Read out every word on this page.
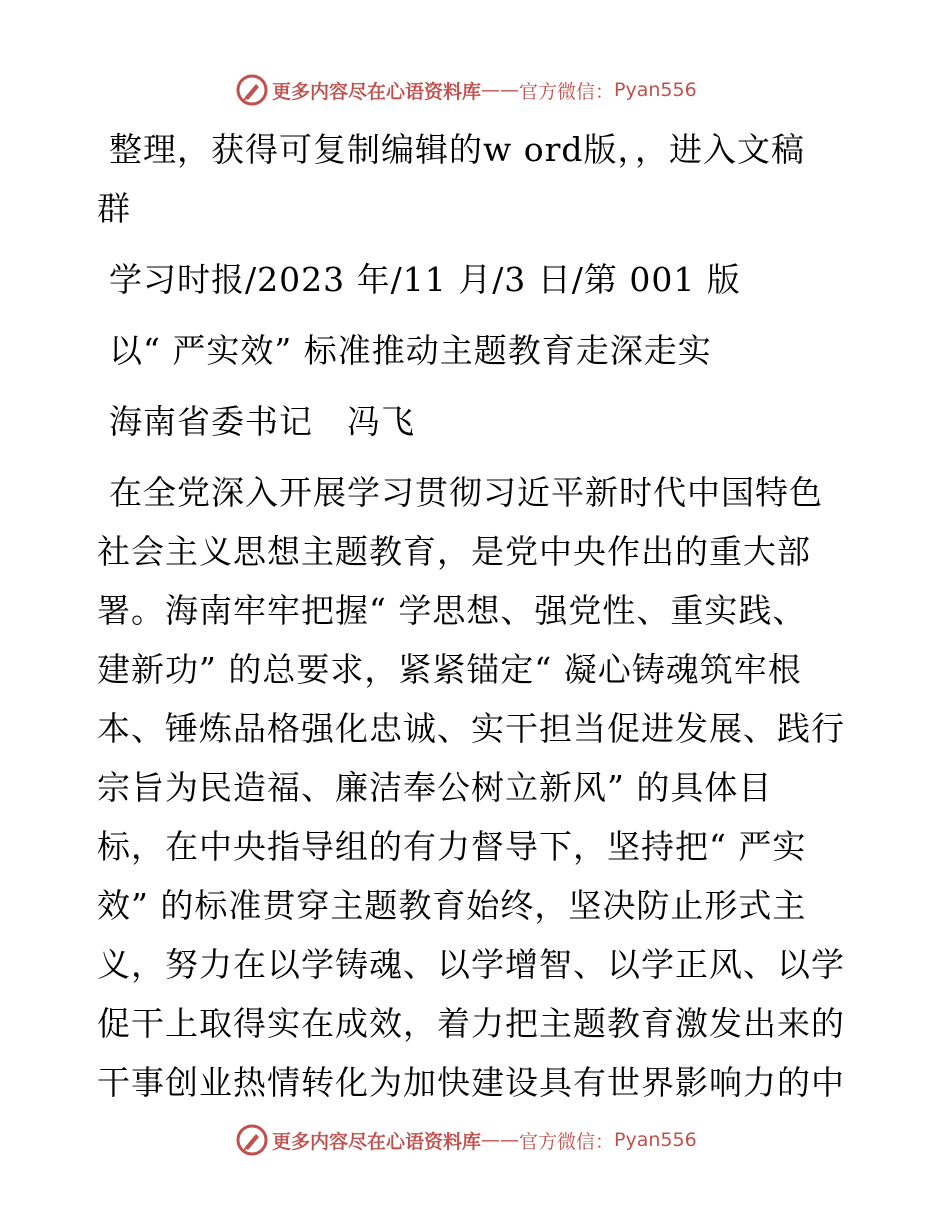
更多内容尽在心语资料库 —— 官方微信： Pyan556

整理，获得可复制编辑的w ord版，，进入文稿

群

学习时报/2023 年/11 月/3 日/第 001 版

以“ 严实效” 标准推动主题教育走深走实

海南省委书记　冯飞

在全党深入开展学习贯彻习近平新时代中国特色
社会主义思想主题教育，是党中央作出的重大部
署。海南牢牢把握“ 学思想、强党性、重实践、
建新功” 的总要求，紧紧锚定“ 凝心铸魂筑牢根
本、锤炼品格强化忠诚、实干担当促进发展、践行
宗旨为民造福、廉洁奉公树立新风” 的具体目
标，在中央指导组的有力督导下，坚持把“ 严实
效” 的标准贯穿主题教育始终，坚决防止形式主
义，努力在以学铸魂、以学增智、以学正风、以学
促干上取得实在成效，着力把主题教育激发出来的
干事创业热情转化为加快建设具有世界影响力的中

更多内容尽在心语资料库 —— 官方微信： Pyan556
